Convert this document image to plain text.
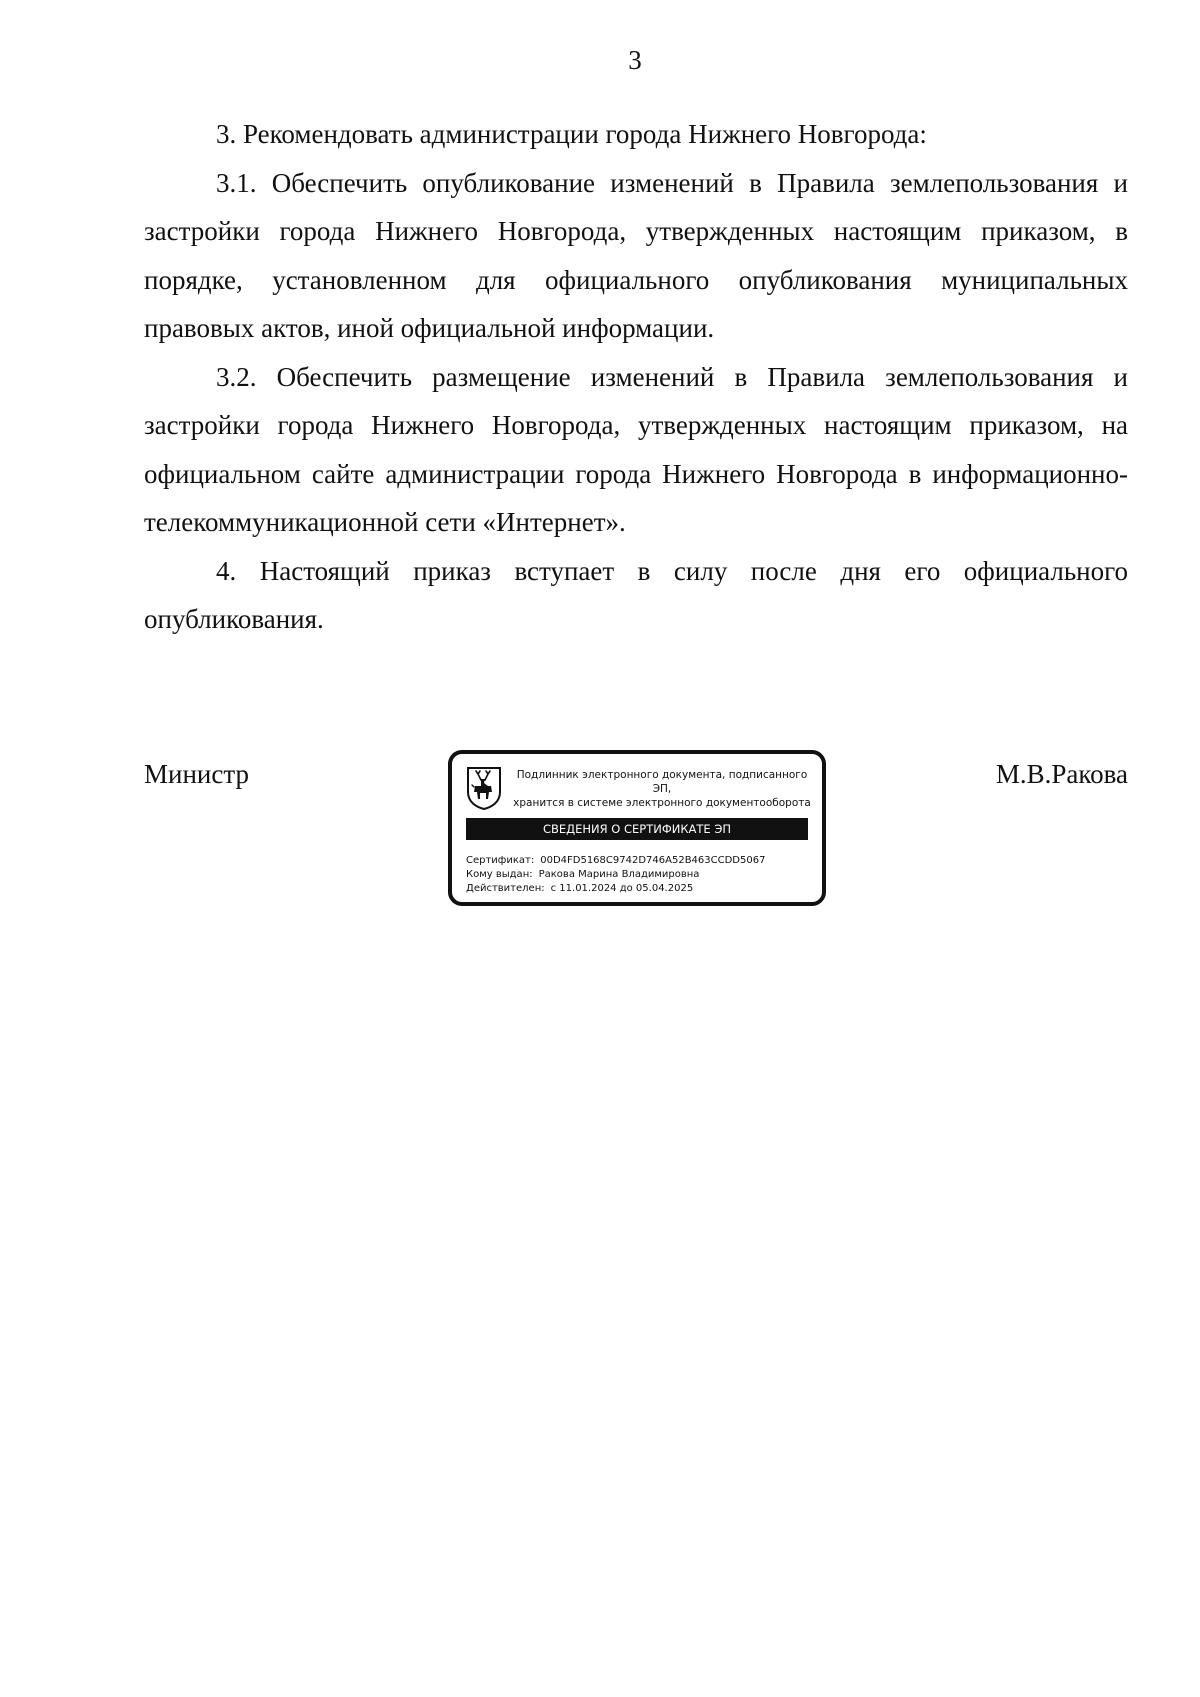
3

3. Рекомендовать администрации города Нижнего Новгорода:

3.1. Обеспечить опубликование изменений в Правила землепользования и застройки города Нижнего Новгорода, утвержденных настоящим приказом, в порядке, установленном для официального опубликования муниципальных правовых актов, иной официальной информации.

3.2. Обеспечить размещение изменений в Правила землепользования и застройки города Нижнего Новгорода, утвержденных настоящим приказом, на официальном сайте администрации города Нижнего Новгорода в информационно-телекоммуникационной сети «Интернет».

4. Настоящий приказ вступает в силу после дня его официального опубликования.

Министр	М.В.Ракова
Подлинник электронного документа, подписанного ЭП,
хранится в системе электронного документооборота
СВЕДЕНИЯ О СЕРТИФИКАТЕ ЭП
Сертификат: 00D4FD5168C9742D746A52B463CCDD5067
Кому выдан: Ракова Марина Владимировна
Действителен: с 11.01.2024 до 05.04.2025
